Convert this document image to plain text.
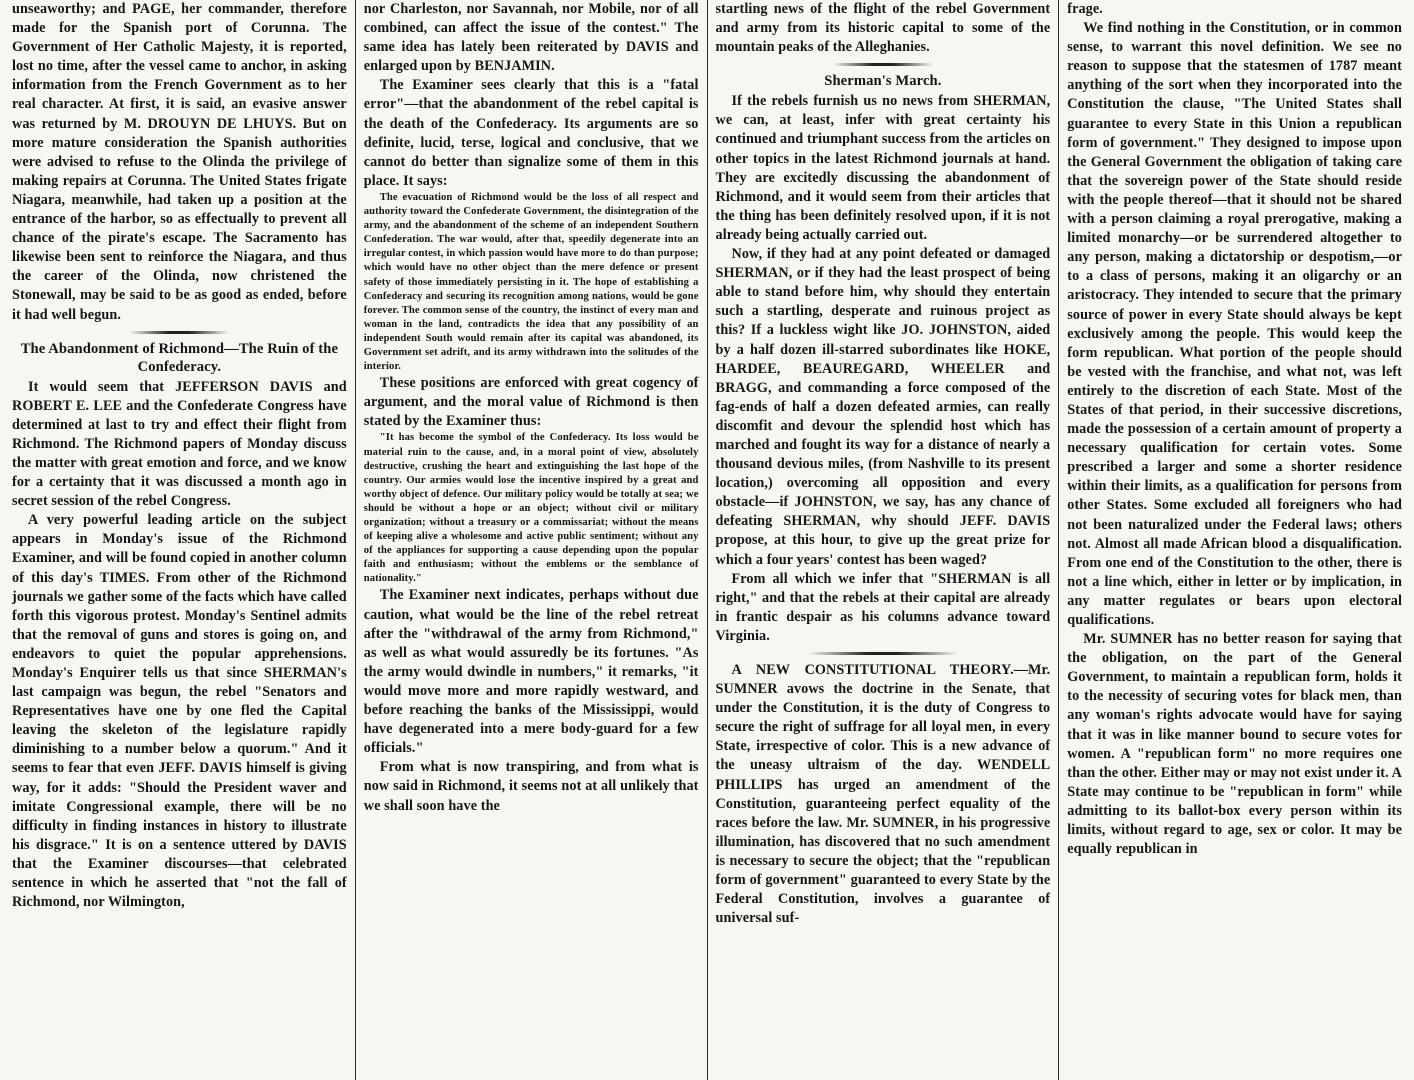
unseaworthy; and PAGE, her commander, therefore made for the Spanish port of Corunna. The Government of Her Catholic Majesty, it is reported, lost no time, after the vessel came to anchor, in asking information from the French Government as to her real character. At first, it is said, an evasive answer was returned by M. DROUYN DE LHUYS. But on more mature consideration the Spanish authorities were advised to refuse to the Olinda the privilege of making repairs at Corunna. The United States frigate Niagara, meanwhile, had taken up a position at the entrance of the harbor, so as effectually to prevent all chance of the pirate's escape. The Sacramento has likewise been sent to reinforce the Niagara, and thus the career of the Olinda, now christened the Stonewall, may be said to be as good as ended, before it had well begun.

The Abandonment of Richmond—The Ruin of the Confederacy.

It would seem that JEFFERSON DAVIS and ROBERT E. LEE and the Confederate Congress have determined at last to try and effect their flight from Richmond. The Richmond papers of Monday discuss the matter with great emotion and force, and we know for a certainty that it was discussed a month ago in secret session of the rebel Congress.

A very powerful leading article on the subject appears in Monday's issue of the Richmond Examiner, and will be found copied in another column of this day's TIMES. From other of the Richmond journals we gather some of the facts which have called forth this vigorous protest. Monday's Sentinel admits that the removal of guns and stores is going on, and endeavors to quiet the popular apprehensions. Monday's Enquirer tells us that since SHERMAN's last campaign was begun, the rebel "Senators and Representatives have one by one fled the Capital leaving the skeleton of the legislature rapidly diminishing to a number below a quorum." And it seems to fear that even JEFF. DAVIS himself is giving way, for it adds: "Should the President waver and imitate Congressional example, there will be no difficulty in finding instances in history to illustrate his disgrace." It is on a sentence uttered by DAVIS that the Examiner discourses—that celebrated sentence in which he asserted that "not the fall of Richmond, nor Wilmington,

nor Charleston, nor Savannah, nor Mobile, nor of all combined, can affect the issue of the contest." The same idea has lately been reiterated by DAVIS and enlarged upon by BENJAMIN.

The Examiner sees clearly that this is a "fatal error"—that the abandonment of the rebel capital is the death of the Confederacy. Its arguments are so definite, lucid, terse, logical and conclusive, that we cannot do better than signalize some of them in this place. It says:

The evacuation of Richmond would be the loss of all respect and authority toward the Confederate Government, the disintegration of the army, and the abandonment of the scheme of an independent Southern Confederation. The war would, after that, speedily degenerate into an irregular contest, in which passion would have more to do than purpose; which would have no other object than the mere defence or present safety of those immediately persisting in it. The hope of establishing a Confederacy and securing its recognition among nations, would be gone forever. The common sense of the country, the instinct of every man and woman in the land, contradicts the idea that any possibility of an independent South would remain after its capital was abandoned, its Government set adrift, and its army withdrawn into the solitudes of the interior.

These positions are enforced with great cogency of argument, and the moral value of Richmond is then stated by the Examiner thus:

"It has become the symbol of the Confederacy. Its loss would be material ruin to the cause, and, in a moral point of view, absolutely destructive, crushing the heart and extinguishing the last hope of the country. Our armies would lose the incentive inspired by a great and worthy object of defence. Our military policy would be totally at sea; we should be without a hope or an object; without civil or military organization; without a treasury or a commissariat; without the means of keeping alive a wholesome and active public sentiment; without any of the appliances for supporting a cause depending upon the popular faith and enthusiasm; without the emblems or the semblance of nationality."

The Examiner next indicates, perhaps without due caution, what would be the line of the rebel retreat after the "withdrawal of the army from Richmond," as well as what would assuredly be its fortunes. "As the army would dwindle in numbers," it remarks, "it would move more and more rapidly westward, and before reaching the banks of the Mississippi, would have degenerated into a mere body-guard for a few officials."

From what is now transpiring, and from what is now said in Richmond, it seems not at all unlikely that we shall soon have the

startling news of the flight of the rebel Government and army from its historic capital to some of the mountain peaks of the Alleghanies.

Sherman's March.

If the rebels furnish us no news from SHERMAN, we can, at least, infer with great certainty his continued and triumphant success from the articles on other topics in the latest Richmond journals at hand. They are excitedly discussing the abandonment of Richmond, and it would seem from their articles that the thing has been definitely resolved upon, if it is not already being actually carried out.

Now, if they had at any point defeated or damaged SHERMAN, or if they had the least prospect of being able to stand before him, why should they entertain such a startling, desperate and ruinous project as this? If a luckless wight like JO. JOHNSTON, aided by a half dozen ill-starred subordinates like HOKE, HARDEE, BEAUREGARD, WHEELER and BRAGG, and commanding a force composed of the fag-ends of half a dozen defeated armies, can really discomfit and devour the splendid host which has marched and fought its way for a distance of nearly a thousand devious miles, (from Nashville to its present location,) overcoming all opposition and every obstacle—if JOHNSTON, we say, has any chance of defeating SHERMAN, why should JEFF. DAVIS propose, at this hour, to give up the great prize for which a four years' contest has been waged?

From all which we infer that "SHERMAN is all right," and that the rebels at their capital are already in frantic despair as his columns advance toward Virginia.

A NEW CONSTITUTIONAL THEORY.—Mr. SUMNER avows the doctrine in the Senate, that under the Constitution, it is the duty of Congress to secure the right of suffrage for all loyal men, in every State, irrespective of color. This is a new advance of the uneasy ultraism of the day. WENDELL PHILLIPS has urged an amendment of the Constitution, guaranteeing perfect equality of the races before the law. Mr. SUMNER, in his progressive illumination, has discovered that no such amendment is necessary to secure the object; that the "republican form of government" guaranteed to every State by the Federal Constitution, involves a guarantee of universal suf-

frage.

We find nothing in the Constitution, or in common sense, to warrant this novel definition. We see no reason to suppose that the statesmen of 1787 meant anything of the sort when they incorporated into the Constitution the clause, "The United States shall guarantee to every State in this Union a republican form of government." They designed to impose upon the General Government the obligation of taking care that the sovereign power of the State should reside with the people thereof—that it should not be shared with a person claiming a royal prerogative, making a limited monarchy—or be surrendered altogether to any person, making a dictatorship or despotism,—or to a class of persons, making it an oligarchy or an aristocracy. They intended to secure that the primary source of power in every State should always be kept exclusively among the people. This would keep the form republican. What portion of the people should be vested with the franchise, and what not, was left entirely to the discretion of each State. Most of the States of that period, in their successive discretions, made the possession of a certain amount of property a necessary qualification for certain votes. Some prescribed a larger and some a shorter residence within their limits, as a qualification for persons from other States. Some excluded all foreigners who had not been naturalized under the Federal laws; others not. Almost all made African blood a disqualification. From one end of the Constitution to the other, there is not a line which, either in letter or by implication, in any matter regulates or bears upon electoral qualifications.

Mr. SUMNER has no better reason for saying that the obligation, on the part of the General Government, to maintain a republican form, holds it to the necessity of securing votes for black men, than any woman's rights advocate would have for saying that it was in like manner bound to secure votes for women. A "republican form" no more requires one than the other. Either may or may not exist under it. A State may continue to be "republican in form" while admitting to its ballot-box every person within its limits, without regard to age, sex or color. It may be equally republican in
